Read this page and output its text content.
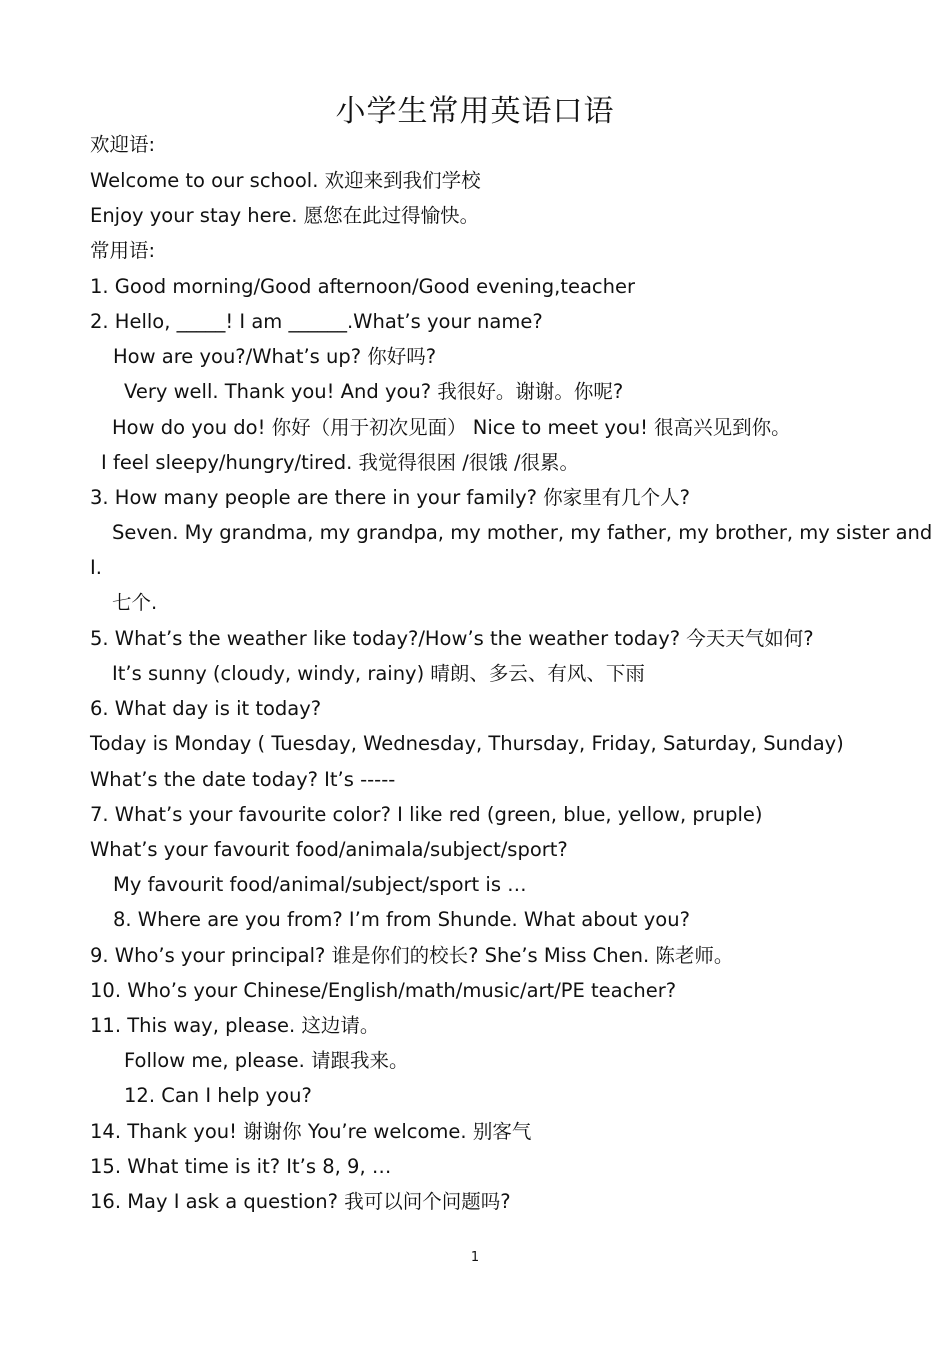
小学生常用英语口语
欢迎语:
Welcome to our school. 欢迎来到我们学校
Enjoy your stay here. 愿您在此过得愉快。
常用语:
1. Good morning/Good afternoon/Good evening,teacher
2. Hello, _____! I am ______.What’s your name?
How are you?/What’s up? 你好吗?
Very well. Thank you! And you? 我很好。谢谢。你呢?
How do you do! 你好（用于初次见面） Nice to meet you! 很高兴见到你。
I feel sleepy/hungry/tired. 我觉得很困 /很饿 /很累。
3. How many people are there in your family? 你家里有几个人?
Seven. My grandma, my grandpa, my mother, my father, my brother, my sister and
I.
七个.
5. What’s the weather like today?/How’s the weather today? 今天天气如何?
It’s sunny (cloudy, windy, rainy) 晴朗、多云、有风、下雨
6. What day is it today?
Today is Monday ( Tuesday, Wednesday, Thursday, Friday, Saturday, Sunday)
What’s the date today? It’s -----
7. What’s your favourite color? I like red (green, blue, yellow, pruple)
What’s your favourit food/animala/subject/sport?
My favourit food/animal/subject/sport is …
8. Where are you from? I’m from Shunde. What about you?
9. Who’s your principal? 谁是你们的校长? She’s Miss Chen. 陈老师。
10. Who’s your Chinese/English/math/music/art/PE teacher?
11. This way, please. 这边请。
Follow me, please. 请跟我来。
12. Can I help you?
14. Thank you! 谢谢你 You’re welcome. 别客气
15. What time is it? It’s 8, 9, …
16. May I ask a question? 我可以问个问题吗?
1
